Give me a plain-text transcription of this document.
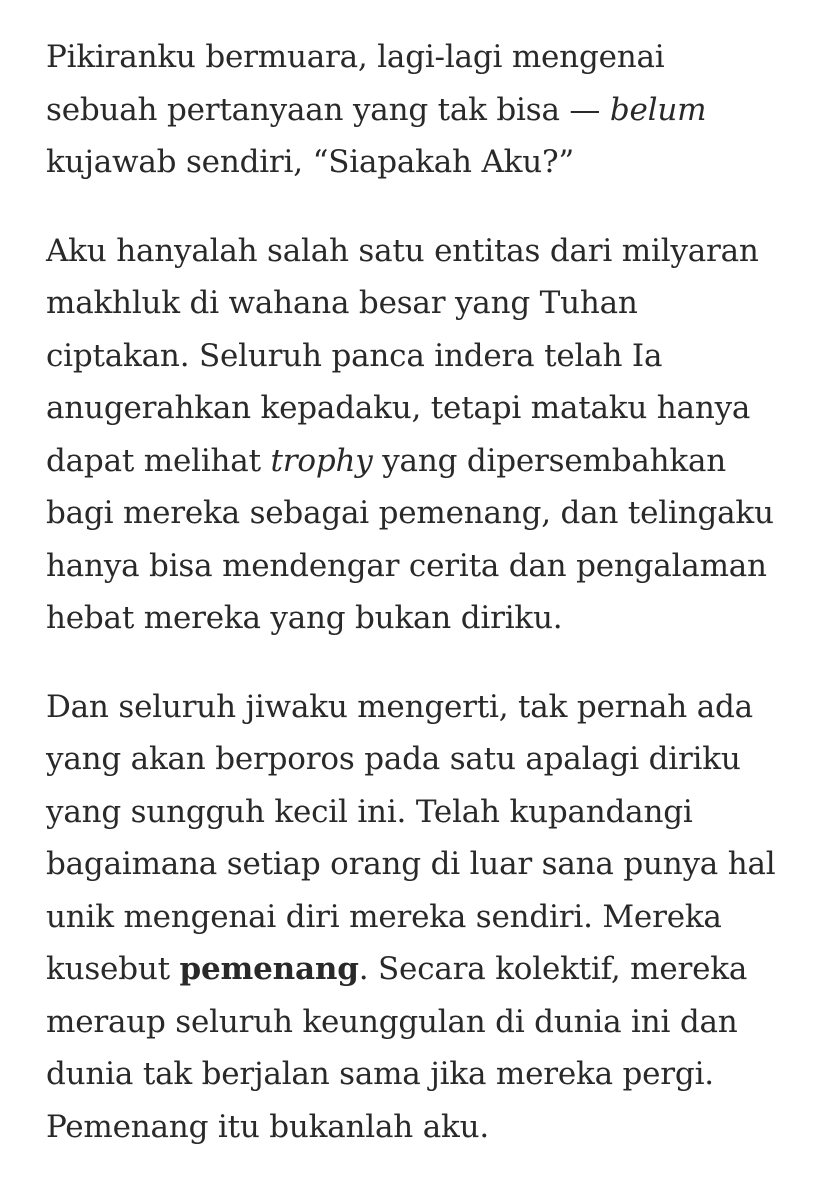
Pikiranku bermuara, lagi-lagi mengenai sebuah pertanyaan yang tak bisa — belum kujawab sendiri, “Siapakah Aku?”

Aku hanyalah salah satu entitas dari milyaran makhluk di wahana besar yang Tuhan ciptakan. Seluruh panca indera telah Ia anugerahkan kepadaku, tetapi mataku hanya dapat melihat trophy yang dipersembahkan bagi mereka sebagai pemenang, dan telingaku hanya bisa mendengar cerita dan pengalaman hebat mereka yang bukan diriku.

Dan seluruh jiwaku mengerti, tak pernah ada yang akan berporos pada satu apalagi diriku yang sungguh kecil ini. Telah kupandangi bagaimana setiap orang di luar sana punya hal unik mengenai diri mereka sendiri. Mereka kusebut pemenang. Secara kolektif, mereka meraup seluruh keunggulan di dunia ini dan dunia tak berjalan sama jika mereka pergi. Pemenang itu bukanlah aku.
